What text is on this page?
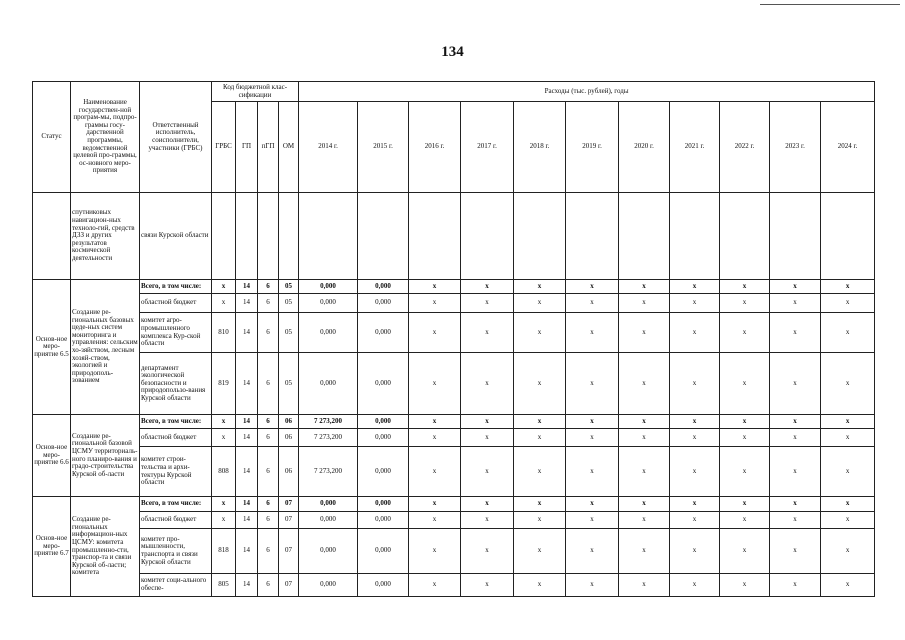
134
Статус	Наименование государствен-ной програм-мы, подпро-граммы госу-дарственной программы, ведомственной целевой про-граммы, ос-новного меро-приятия	Ответственный исполнитель, соисполнители, участники (ГРБС)	Код бюджетной клас-сификации				Расходы (тыс. рублей), годы										
			ГРБС	ГП	пГП	ОМ	2014 г.	2015 г.	2016 г.	2017 г.	2018 г.	2019 г.	2020 г.	2021 г.	2022 г.	2023 г.	2024 г.
	спутниковых навигацион-ных техноло-гий, средств ДЗЗ и других результатов космической деятельности	связи Курской области															
Основ-ное меро-приятие 6.5	Создание ре-гиональных базовых цеде-ных систем мониторинга и управления: сельским хо-зяйством, лесным хозяй-ством, экологией и природополь-зованием	Всего, в том числе:	x	14	6	05	0,000	0,000	x	x	x	x	x	x	x	x	x
		областной бюджет	x	14	6	05	0,000	0,000	x	x	x	x	x	x	x	x	x
		комитет агро-промышленного комплекса Кур-ской области	810	14	6	05	0,000	0,000	x	x	x	x	x	x	x	x	x
		департамент экологической безопасности и природопользо-вания Курской области	819	14	6	05	0,000	0,000	x	x	x	x	x	x	x	x	x
Основ-ное меро-приятие 6.6	Создание ре-гиональной базовой ЦСМУ территориаль-ного планиро-вания и градо-строительства Курской об-ласти	Всего, в том числе:	x	14	6	06	7 273,200	0,000	x	x	x	x	x	x	x	x	x
		областной бюджет	x	14	6	06	7 273,200	0,000	x	x	x	x	x	x	x	x	x
		комитет строи-тельства и архи-тектуры Курской области	808	14	6	06	7 273,200	0,000	x	x	x	x	x	x	x	x	x
Основ-ное меро-приятие 6.7	Создание ре-гиональных информацион-ных ЦСМУ: комитета промышленно-сти, транспор-та и связи Курской об-ласти; комитета	Всего, в том числе:	x	14	6	07	0,000	0,000	x	x	x	x	x	x	x	x	x
		областной бюджет	x	14	6	07	0,000	0,000	x	x	x	x	x	x	x	x	x
		комитет про-мышленности, транспорта и связи Курской области	818	14	6	07	0,000	0,000	x	x	x	x	x	x	x	x	x
		комитет соци-ального обеспе-	805	14	6	07	0,000	0,000	x	x	x	x	x	x	x	x	x
